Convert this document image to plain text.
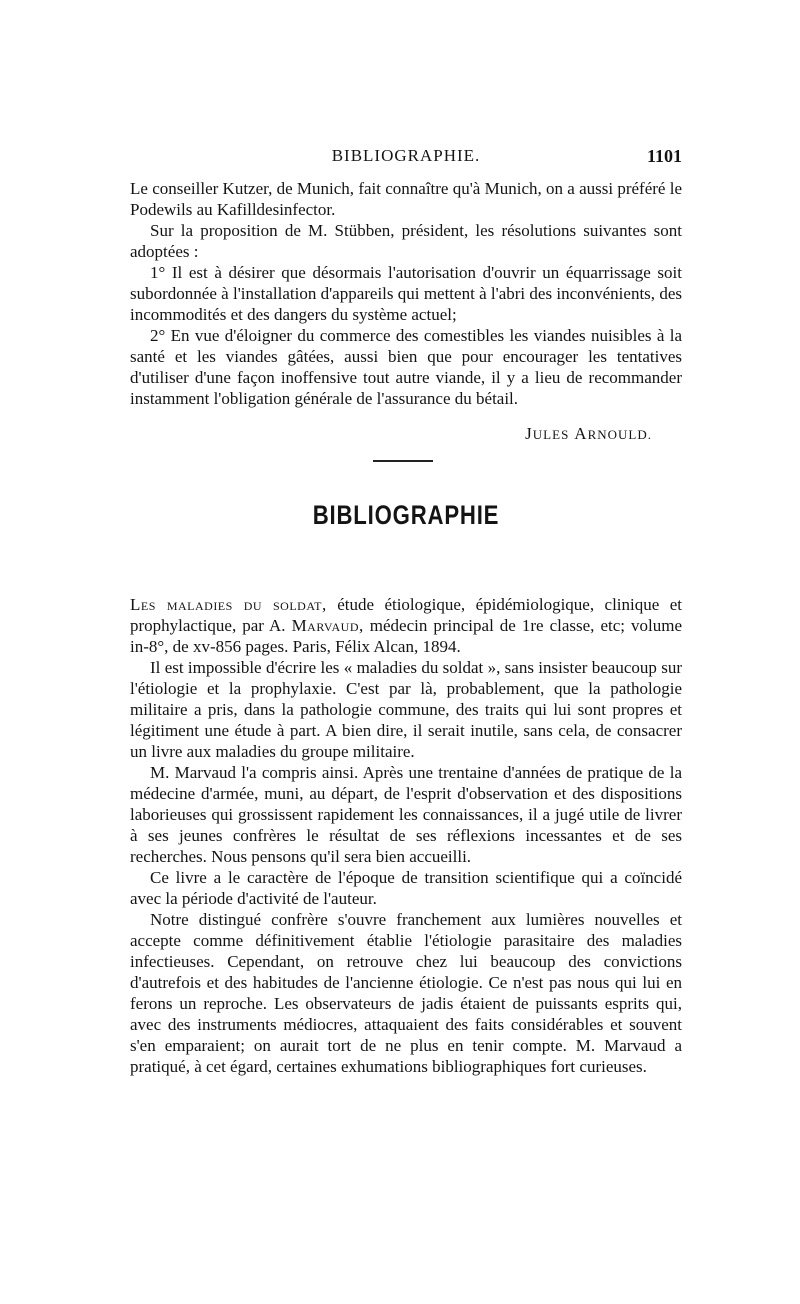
BIBLIOGRAPHIE.	1101

Le conseiller Kutzer, de Munich, fait connaître qu'à Munich, on a aussi préféré le Podewils au Kafilldesinfector.

Sur la proposition de M. Stübben, président, les résolutions suivantes sont adoptées :

1° Il est à désirer que désormais l'autorisation d'ouvrir un équarrissage soit subordonnée à l'installation d'appareils qui mettent à l'abri des inconvénients, des incommodités et des dangers du système actuel;

2° En vue d'éloigner du commerce des comestibles les viandes nuisibles à la santé et les viandes gâtées, aussi bien que pour encourager les tentatives d'utiliser d'une façon inoffensive tout autre viande, il y a lieu de recommander instamment l'obligation générale de l'assurance du bétail.

JULES ARNOULD.
BIBLIOGRAPHIE

Les maladies du soldat, étude étiologique, épidémiologique, clinique et prophylactique, par A. Marvaud, médecin principal de 1re classe, etc; volume in-8°, de xv-856 pages. Paris, Félix Alcan, 1894.

Il est impossible d'écrire les « maladies du soldat », sans insister beaucoup sur l'étiologie et la prophylaxie. C'est par là, probablement, que la pathologie militaire a pris, dans la pathologie commune, des traits qui lui sont propres et légitiment une étude à part. A bien dire, il serait inutile, sans cela, de consacrer un livre aux maladies du groupe militaire.

M. Marvaud l'a compris ainsi. Après une trentaine d'années de pratique de la médecine d'armée, muni, au départ, de l'esprit d'observation et des dispositions laborieuses qui grossissent rapidement les connaissances, il a jugé utile de livrer à ses jeunes confrères le résultat de ses réflexions incessantes et de ses recherches. Nous pensons qu'il sera bien accueilli.

Ce livre a le caractère de l'époque de transition scientifique qui a coïncidé avec la période d'activité de l'auteur.

Notre distingué confrère s'ouvre franchement aux lumières nouvelles et accepte comme définitivement établie l'étiologie parasitaire des maladies infectieuses. Cependant, on retrouve chez lui beaucoup des convictions d'autrefois et des habitudes de l'ancienne étiologie. Ce n'est pas nous qui lui en ferons un reproche. Les observateurs de jadis étaient de puissants esprits qui, avec des instruments médiocres, attaquaient des faits considérables et souvent s'en emparaient; on aurait tort de ne plus en tenir compte. M. Marvaud a pratiqué, à cet égard, certaines exhumations bibliographiques fort curieuses.
